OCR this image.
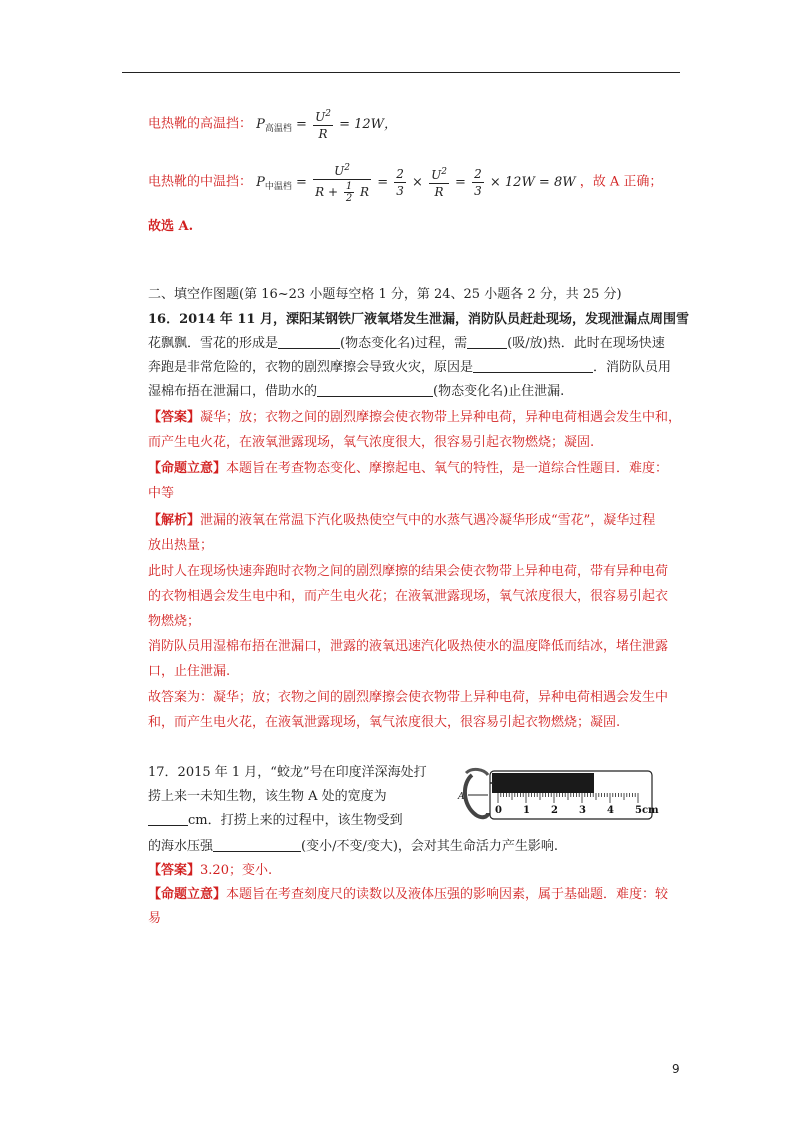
电热靴的高温挡： $P_{高温档} = \frac{U^2}{R} = 12W$，
电热靴的中温挡： $P_{中温档}$ =
$U^2$
$R + \frac{1}{2}$ R
= $\frac{2}{3} \times \frac{U^2}{R} = \frac{2}{3} \times 12W = 8W$ ，故 A 正确；
故选 A.
二、填空作图题(第 16~23 小题每空格 1 分，第 24、25 小题各 2 分，共 25 分)
16．2014 年 11 月，溧阳某钢铁厂液氧塔发生泄漏，消防队员赶赴现场，发现泄漏点周围雪
花飘飘．雪花的形成是	(物态变化名)过程，需	(吸/放)热．此时在现场快速
奔跑是非常危险的，衣物的剧烈摩擦会导致火灾，原因是	．消防队员用
湿棉布捂在泄漏口，借助水的	(物态变化名)止住泄漏.
【答案】凝华；放；衣物之间的剧烈摩擦会使衣物带上异种电荷，异种电荷相遇会发生中和，
而产生电火花，在液氧泄露现场，氧气浓度很大，很容易引起衣物燃烧；凝固.
【命题立意】本题旨在考查物态变化、摩擦起电、氧气的特性，是一道综合性题目．难度：
中等
【解析】泄漏的液氧在常温下汽化吸热使空气中的水蒸气遇冷凝华形成“雪花”，凝华过程
放出热量；
此时人在现场快速奔跑时衣物之间的剧烈摩擦的结果会使衣物带上异种电荷，带有异种电荷
的衣物相遇会发生电中和，而产生电火花；在液氧泄露现场，氧气浓度很大，很容易引起衣
物燃烧；
消防队员用湿棉布捂在泄漏口，泄露的液氧迅速汽化吸热使水的温度降低而结冰，堵住泄露
口，止住泄漏.
故答案为：凝华；放；衣物之间的剧烈摩擦会使衣物带上异种电荷，异种电荷相遇会发生中
和，而产生电火花，在液氧泄露现场，氧气浓度很大，很容易引起衣物燃烧；凝固.
17．2015 年 1 月，“蛟龙”号在印度洋深海处打
捞上来一未知生物，该生物 A 处的宽度为
cm．打捞上来的过程中，该生物受到
的海水压强	(变小/不变/变大)，会对其生命活力产生影响.
【答案】3.20；变小.
【命题立意】本题旨在考查刻度尺的读数以及液体压强的影响因素，属于基础题．难度：较
易
A
0 1 2 3 4 5cm
9
